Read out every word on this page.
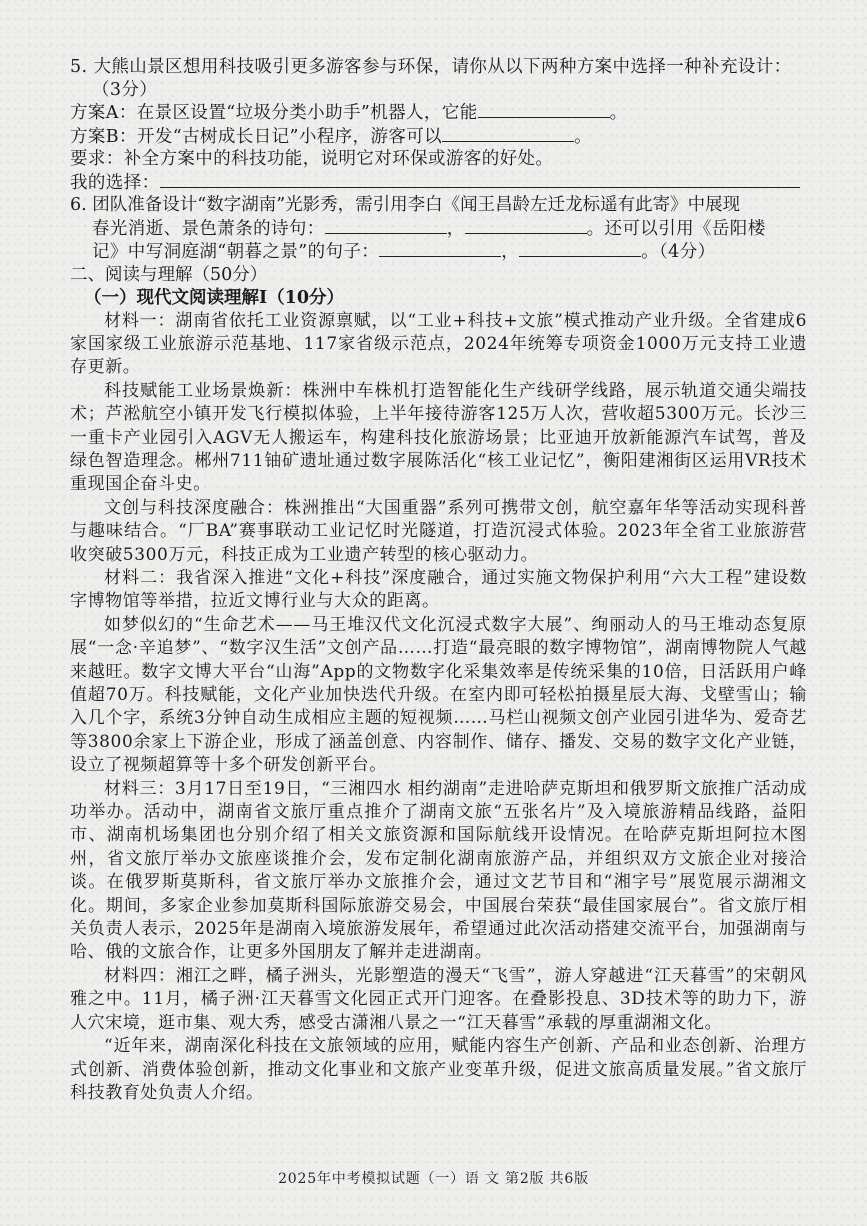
5. 大熊山景区想用科技吸引更多游客参与环保，请你从以下两种方案中选择一种补充设计：
（3分）
方案A：在景区设置“垃圾分类小助手”机器人，它能	。
方案B：开发“古树成长日记”小程序，游客可以	。
要求：补全方案中的科技功能，说明它对环保或游客的好处。
我的选择：
6. 团队准备设计“数字湖南”光影秀，需引用李白《闻王昌龄左迁龙标遥有此寄》中展现
春光消逝、景色萧条的诗句：	，	。还可以引用《岳阳楼
记》中写洞庭湖“朝暮之景”的句子：	，	。（4分）
二、阅读与理解（50分）
（一）现代文阅读理解Ⅰ（10分）

材料一：湖南省依托工业资源禀赋，以“工业+科技+文旅”模式推动产业升级。全省建成6家国家级工业旅游示范基地、117家省级示范点，2024年统筹专项资金1000万元支持工业遗存更新。

科技赋能工业场景焕新：株洲中车株机打造智能化生产线研学线路，展示轨道交通尖端技术；芦淞航空小镇开发飞行模拟体验，上半年接待游客125万人次，营收超5300万元。长沙三一重卡产业园引入AGV无人搬运车，构建科技化旅游场景；比亚迪开放新能源汽车试驾，普及绿色智造理念。郴州711铀矿遗址通过数字展陈活化“核工业记忆”，衡阳建湘街区运用VR技术重现国企奋斗史。

文创与科技深度融合：株洲推出“大国重器”系列可携带文创，航空嘉年华等活动实现科普与趣味结合。“厂BA”赛事联动工业记忆时光隧道，打造沉浸式体验。2023年全省工业旅游营收突破5300万元，科技正成为工业遗产转型的核心驱动力。

材料二：我省深入推进“文化+科技”深度融合，通过实施文物保护利用“六大工程”建设数字博物馆等举措，拉近文博行业与大众的距离。

如梦似幻的“生命艺术——马王堆汉代文化沉浸式数字大展”、绚丽动人的马王堆动态复原展“一念·辛追梦”、“数字汉生活”文创产品……打造“最亮眼的数字博物馆”，湖南博物院人气越来越旺。数字文博大平台“山海”App的文物数字化采集效率是传统采集的10倍，日活跃用户峰值超70万。科技赋能，文化产业加快迭代升级。在室内即可轻松拍摄星辰大海、戈壁雪山；输入几个字，系统3分钟自动生成相应主题的短视频……马栏山视频文创产业园引进华为、爱奇艺等3800余家上下游企业，形成了涵盖创意、内容制作、储存、播发、交易的数字文化产业链，设立了视频超算等十多个研发创新平台。

材料三：3月17日至19日，“三湘四水 相约湖南”走进哈萨克斯坦和俄罗斯文旅推广活动成功举办。活动中，湖南省文旅厅重点推介了湖南文旅“五张名片”及入境旅游精品线路，益阳市、湖南机场集团也分别介绍了相关文旅资源和国际航线开设情况。在哈萨克斯坦阿拉木图州，省文旅厅举办文旅座谈推介会，发布定制化湖南旅游产品，并组织双方文旅企业对接洽谈。在俄罗斯莫斯科，省文旅厅举办文旅推介会，通过文艺节目和“湘字号”展览展示湖湘文化。期间，多家企业参加莫斯科国际旅游交易会，中国展台荣获“最佳国家展台”。省文旅厅相关负责人表示，2025年是湖南入境旅游发展年，希望通过此次活动搭建交流平台，加强湖南与哈、俄的文旅合作，让更多外国朋友了解并走进湖南。

材料四：湘江之畔，橘子洲头，光影塑造的漫天“飞雪”，游人穿越进“江天暮雪”的宋朝风雅之中。11月，橘子洲·江天暮雪文化园正式开门迎客。在叠影投息、3D技术等的助力下，游人穴宋境，逛市集、观大秀，感受古潇湘八景之一“江天暮雪”承载的厚重湖湘文化。

“近年来，湖南深化科技在文旅领域的应用，赋能内容生产创新、产品和业态创新、治理方式创新、消费体验创新，推动文化事业和文旅产业变革升级，促进文旅高质量发展。”省文旅厅科技教育处负责人介绍。

2025年中考模拟试题（一）语 文 第2版 共6版
